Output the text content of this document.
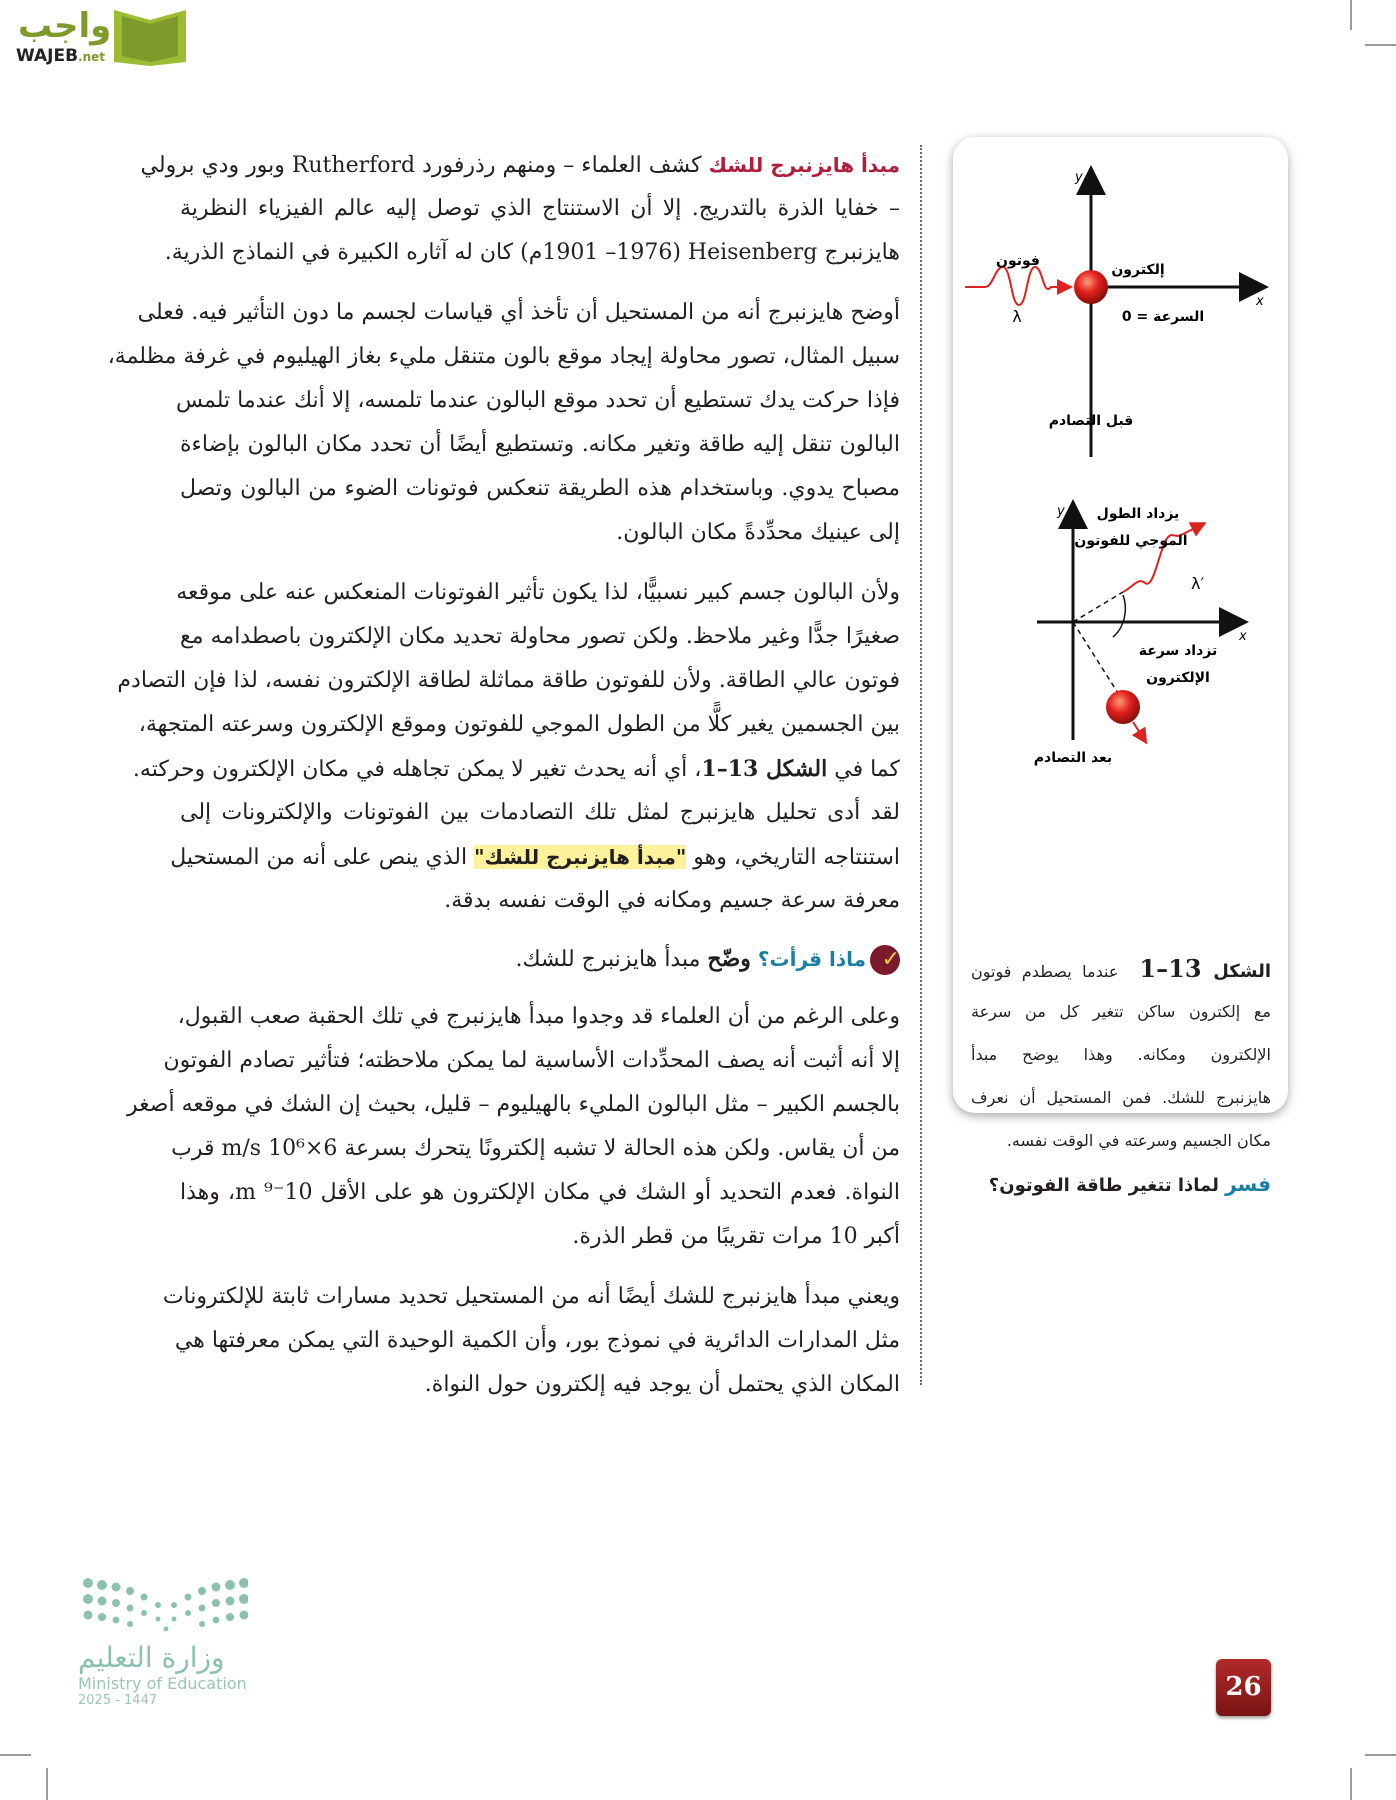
واجب
WAJEB.net
مبدأ هايزنبرج للشك كشف العلماء – ومنهم رذرفورد Rutherford وبور ودي برولي
– خفايا الذرة بالتدريج. إلا أن الاستنتاج الذي توصل إليه عالم الفيزياء النظرية
هايزنبرج Heisenberg (1901 –1976م) كان له آثاره الكبيرة في النماذج الذرية.
أوضح هايزنبرج أنه من المستحيل أن تأخذ أي قياسات لجسم ما دون التأثير فيه. فعلى
سبيل المثال، تصور محاولة إيجاد موقع بالون متنقل مليء بغاز الهيليوم في غرفة مظلمة،
فإذا حركت يدك تستطيع أن تحدد موقع البالون عندما تلمسه، إلا أنك عندما تلمس
البالون تنقل إليه طاقة وتغير مكانه. وتستطيع أيضًا أن تحدد مكان البالون بإضاءة
مصباح يدوي. وباستخدام هذه الطريقة تنعكس فوتونات الضوء من البالون وتصل
إلى عينيك محدِّدةً مكان البالون.
ولأن البالون جسم كبير نسبيًّا، لذا يكون تأثير الفوتونات المنعكس عنه على موقعه
صغيرًا جدًّا وغير ملاحظ. ولكن تصور محاولة تحديد مكان الإلكترون باصطدامه مع
فوتون عالي الطاقة. ولأن للفوتون طاقة مماثلة لطاقة الإلكترون نفسه، لذا فإن التصادم
بين الجسمين يغير كلًّا من الطول الموجي للفوتون وموقع الإلكترون وسرعته المتجهة،
كما في الشكل 13–1، أي أنه يحدث تغير لا يمكن تجاهله في مكان الإلكترون وحركته.
لقد أدى تحليل هايزنبرج لمثل تلك التصادمات بين الفوتونات والإلكترونات إلى
استنتاجه التاريخي، وهو "مبدأ هايزنبرج للشك" الذي ينص على أنه من المستحيل
معرفة سرعة جسيم ومكانه في الوقت نفسه بدقة.
✓ماذا قرأت؟ وضّح مبدأ هايزنبرج للشك.
وعلى الرغم من أن العلماء قد وجدوا مبدأ هايزنبرج في تلك الحقبة صعب القبول،
إلا أنه أثبت أنه يصف المحدِّدات الأساسية لما يمكن ملاحظته؛ فتأثير تصادم الفوتون
بالجسم الكبير – مثل البالون المليء بالهيليوم – قليل، بحيث إن الشك في موقعه أصغر
من أن يقاس. ولكن هذه الحالة لا تشبه إلكترونًا يتحرك بسرعة 6×10⁶ m/s قرب
النواة. فعدم التحديد أو الشك في مكان الإلكترون هو على الأقل 10⁻⁹ m، وهذا
أكبر 10 مرات تقريبًا من قطر الذرة.
ويعني مبدأ هايزنبرج للشك أيضًا أنه من المستحيل تحديد مسارات ثابتة للإلكترونات
مثل المدارات الدائرية في نموذج بور، وأن الكمية الوحيدة التي يمكن معرفتها هي
المكان الذي يحتمل أن يوجد فيه إلكترون حول النواة.
y
x
فوتون
λ
إلكترون
السرعة = 0
قبل التصادم
y
x
يزداد الطول
الموجي للفوتون
λ′
تزداد سرعة
الإلكترون
بعد التصادم
الشكل 13–1  عندما يصطدم فوتون
مع إلكترون ساكن تتغير كل من سرعة
الإلكترون ومكانه. وهذا يوضح مبدأ
هايزنبرج للشك. فمن المستحيل أن نعرف
مكان الجسيم وسرعته في الوقت نفسه.
فسر لماذا تتغير طاقة الفوتون؟
وزارة التعليم
Ministry of Education
2025 - 1447	26
